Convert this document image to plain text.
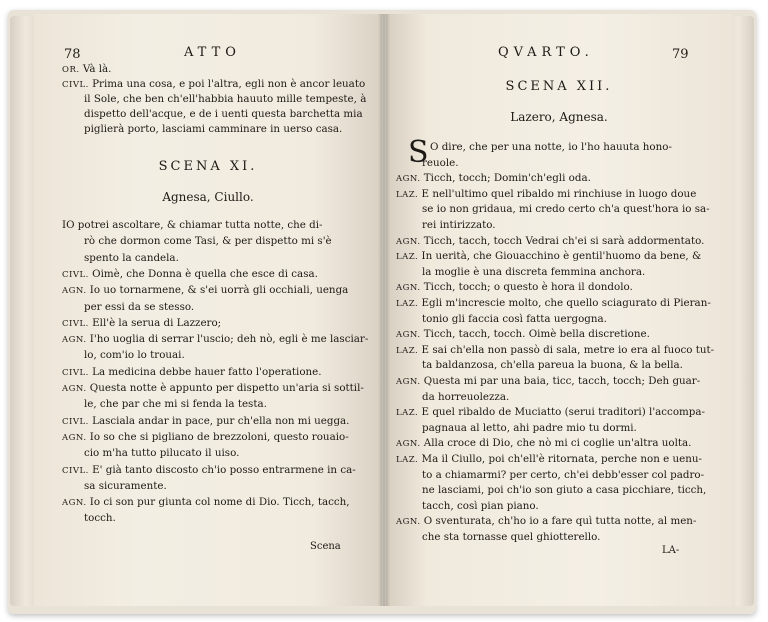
78	ATTO
OR. Và là.
CIVL. Prima una cosa, e poi l'altra, egli non è ancor leuato
il Sole, che ben ch'ell'habbia hauuto mille tempeste, à
dispetto dell'acque, e de i uenti questa barchetta mia
piglierà porto, lasciami camminare in uerso casa.
SCENA XI.
Agnesa, Ciullo.
IO potrei ascoltare, & chiamar tutta notte, che di-
rò che dormon come Tasi, & per dispetto mi s'è
spento la candela.
CIVL. Oimè, che Donna è quella che esce di casa.
AGN. Io uo tornarmene, & s'ei uorrà gli occhiali, uenga
per essi da se stesso.
CIVL. Ell'è la serua di Lazzero;
AGN. I'ho uoglia di serrar l'uscio; deh nò, egli è me lasciar-
lo, com'io lo trouai.
CIVL. La medicina debbe hauer fatto l'operatione.
AGN. Questa notte è appunto per dispetto un'aria si sottil-
le, che par che mi si fenda la testa.
CIVL. Lasciala andar in pace, pur ch'ella non mi uegga.
AGN. Io so che si pigliano de brezzoloni, questo rouaio-
cio m'ha tutto pilucato il uiso.
CIVL. E' già tanto discosto ch'io posso entrarmene in ca-
sa sicuramente.
AGN. Io ci son pur giunta col nome di Dio. Ticch, tacch,
tocch.
Scena
QVARTO.	79
SCENA XII.
Lazero, Agnesa.
S O dire, che per una notte, io l'ho hauuta hono-
reuole.
AGN. Ticch, tocch; Domin'ch'egli oda.
LAZ. E nell'ultimo quel ribaldo mi rinchiuse in luogo doue
se io non gridaua, mi credo certo ch'a quest'hora io sa-
rei intirizzato.
AGN. Ticch, tacch, tocch Vedrai ch'ei si sarà addormentato.
LAZ. In uerità, che Giouacchino è gentil'huomo da bene, &
la moglie è una discreta femmina anchora.
AGN. Ticch, tocch; o questo è hora il dondolo.
LAZ. Egli m'increscie molto, che quello sciagurato di Pieran-
tonio gli faccia così fatta uergogna.
AGN. Ticch, tacch, tocch. Oimè bella discretione.
LAZ. E sai ch'ella non passò di sala, metre io era al fuoco tut-
ta baldanzosa, ch'ella pareua la buona, & la bella.
AGN. Questa mi par una baia, ticc, tacch, tocch; Deh guar-
da horreuolezza.
LAZ. E quel ribaldo de Muciatto (serui traditori) l'accompa-
pagnaua al letto, ahi padre mio tu dormi.
AGN. Alla croce di Dio, che nò mi ci coglie un'altra uolta.
LAZ. Ma il Ciullo, poi ch'ell'è ritornata, perche non e uenu-
to a chiamarmi? per certo, ch'ei debb'esser col padro-
ne lasciami, poi ch'io son giuto a casa picchiare, ticch,
tacch, così pian piano.
AGN. O sventurata, ch'ho io a fare quì tutta notte, al men-
che sta tornasse quel ghiotterello.
LA-
